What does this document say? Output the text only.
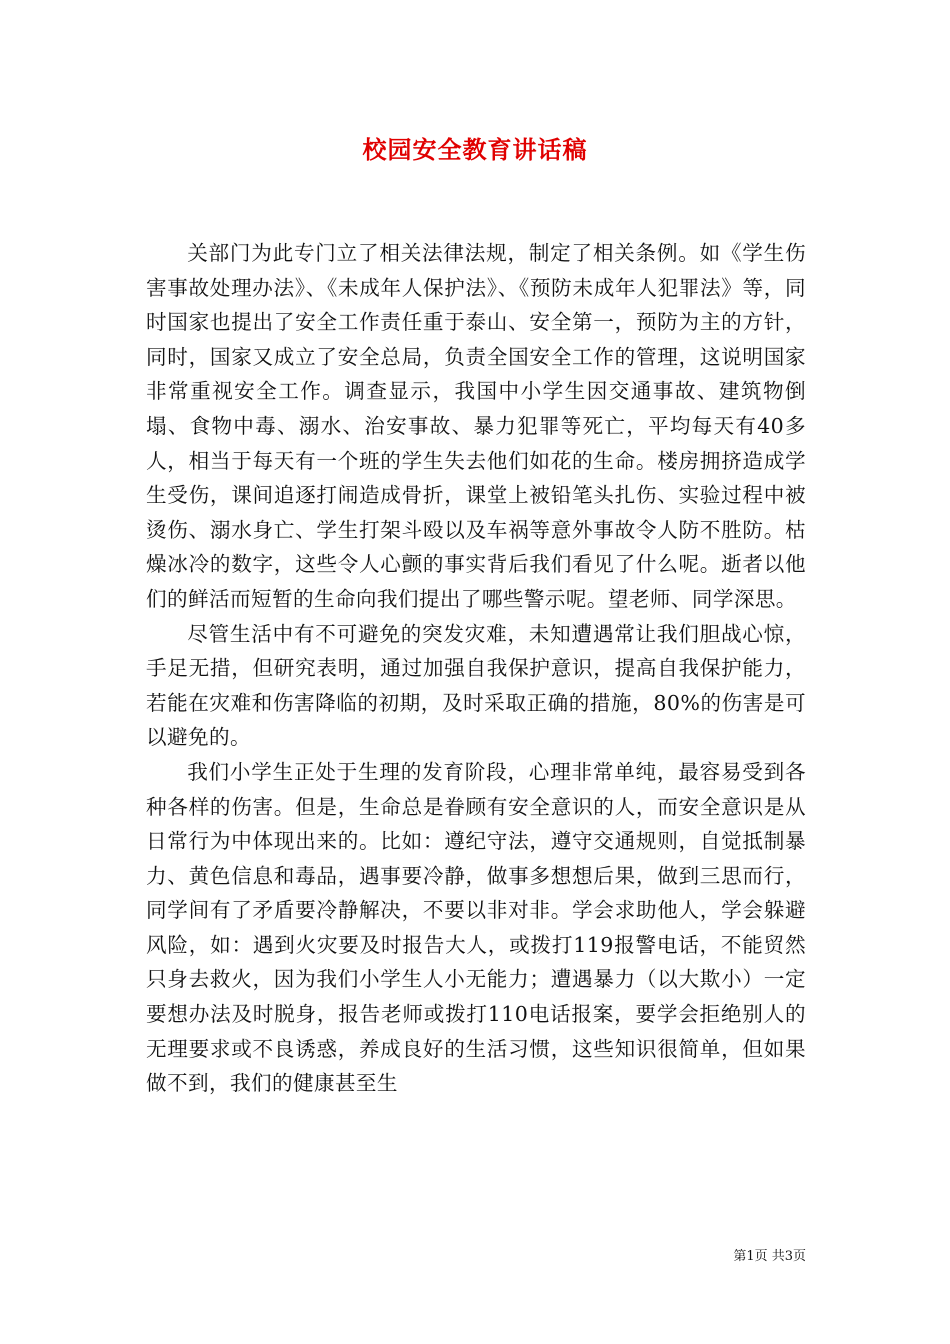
校园安全教育讲话稿

关部门为此专门立了相关法律法规，制定了相关条例。如《学生伤害事故处理办法》、《未成年人保护法》、《预防未成年人犯罪法》等，同时国家也提出了安全工作责任重于泰山、安全第一，预防为主的方针，同时，国家又成立了安全总局，负责全国安全工作的管理，这说明国家非常重视安全工作。调查显示，我国中小学生因交通事故、建筑物倒塌、食物中毒、溺水、治安事故、暴力犯罪等死亡，平均每天有40多人，相当于每天有一个班的学生失去他们如花的生命。楼房拥挤造成学生受伤，课间追逐打闹造成骨折，课堂上被铅笔头扎伤、实验过程中被烫伤、溺水身亡、学生打架斗殴以及车祸等意外事故令人防不胜防。枯燥冰冷的数字，这些令人心颤的事实背后我们看见了什么呢。逝者以他们的鲜活而短暂的生命向我们提出了哪些警示呢。望老师、同学深思。

尽管生活中有不可避免的突发灾难，未知遭遇常让我们胆战心惊，手足无措，但研究表明，通过加强自我保护意识，提高自我保护能力，若能在灾难和伤害降临的初期，及时采取正确的措施，80%的伤害是可以避免的。

我们小学生正处于生理的发育阶段，心理非常单纯，最容易受到各种各样的伤害。但是，生命总是眷顾有安全意识的人，而安全意识是从日常行为中体现出来的。比如：遵纪守法，遵守交通规则，自觉抵制暴力、黄色信息和毒品，遇事要冷静，做事多想想后果，做到三思而行，同学间有了矛盾要冷静解决，不要以非对非。学会求助他人，学会躲避风险，如：遇到火灾要及时报告大人，或拨打119报警电话，不能贸然只身去救火，因为我们小学生人小无能力；遭遇暴力（以大欺小）一定要想办法及时脱身，报告老师或拨打110电话报案，要学会拒绝别人的无理要求或不良诱惑，养成良好的生活习惯，这些知识很简单，但如果做不到，我们的健康甚至生

第1页 共3页
